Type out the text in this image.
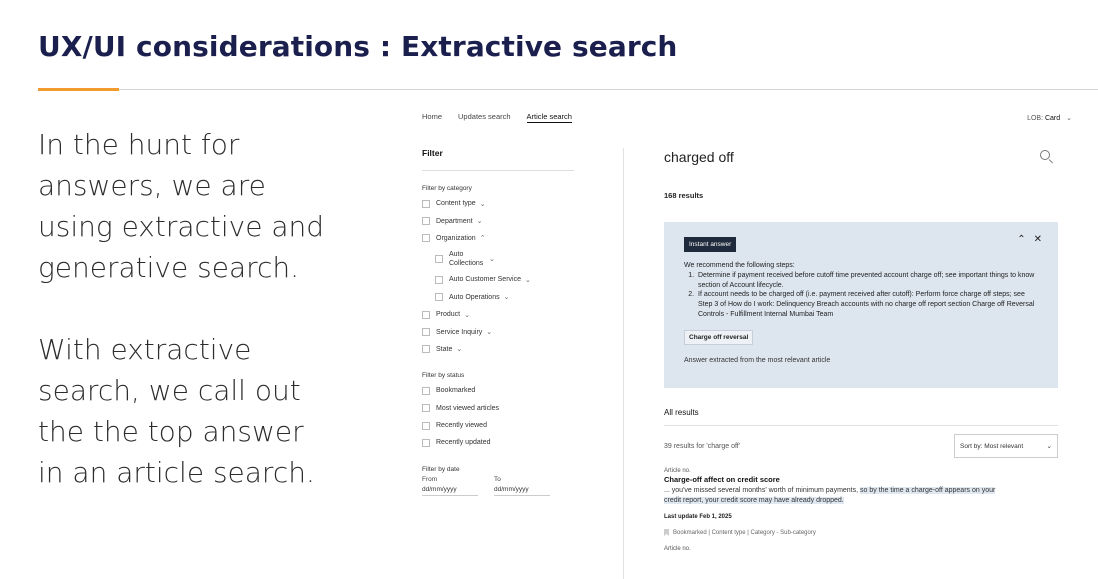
UX/UI considerations : Extractive search

In the hunt for answers, we are using extractive and generative search.

With extractive search, we call out the the top answer in an article search.

Home Updates search Article search	LOB: Card ⌄
Filter
Filter by category
Content type ⌄
Department ⌄
Organization ⌃
Auto Collections
⌄
Auto Customer Service ⌄
Auto Operations ⌄
Product ⌄
Service Inquiry ⌄
State ⌄
Filter by status
Bookmarked
Most viewed articles
Recently viewed
Recently updated
Filter by date
From
dd/mm/yyyy
To
dd/mm/yyyy
charged off
168 results
Instant answer	⌃ ✕
We recommend the following steps:
1. Determine if payment received before cutoff time prevented account charge off; see important things to know section of Account lifecycle.
2. If account needs to be charged off (i.e. payment received after cutoff): Perform force charge off steps; see Step 3 of How do I work: Delinquency Breach accounts with no charge off report section Charge off Reversal Controls - Fulfillment Internal Mumbai Team
Charge off reversal
Answer extracted from the most relevant article
All results
39 results for 'charge off'	Sort by: Most relevant	⌄
Article no.
Charge-off affect on credit score
... you've missed several months' worth of minimum payments, so by the time a charge-off appears on your credit report, your credit score may have already dropped.
Last update Feb 1, 2025
Bookmarked | Content type | Category - Sub-category
Article no.
